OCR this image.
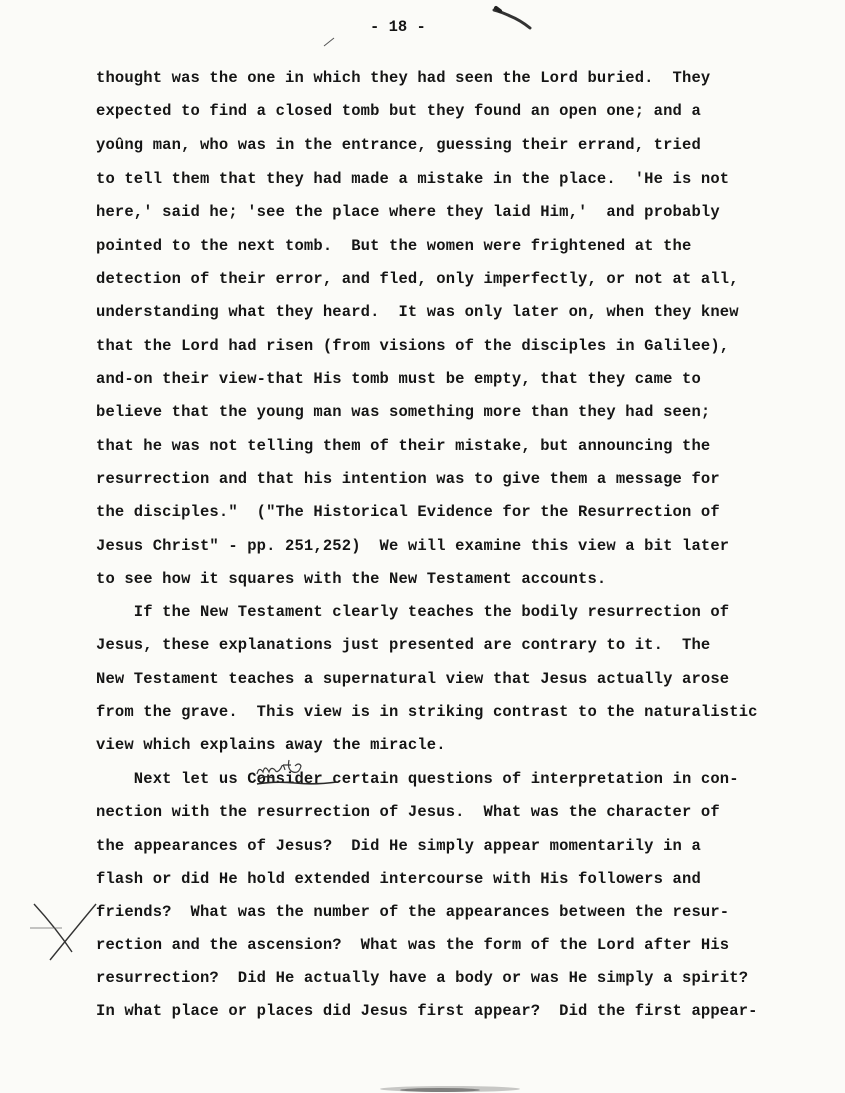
- 18 -
thought was the one in which they had seen the Lord buried.  They
expected to find a closed tomb but they found an open one; and a
yoûng man, who was in the entrance, guessing their errand, tried
to tell them that they had made a mistake in the place.  'He is not
here,' said he; 'see the place where they laid Him,'  and probably
pointed to the next tomb.  But the women were frightened at the
detection of their error, and fled, only imperfectly, or not at all,
understanding what they heard.  It was only later on, when they knew
that the Lord had risen (from visions of the disciples in Galilee),
and-on their view-that His tomb must be empty, that they came to
believe that the young man was something more than they had seen;
that he was not telling them of their mistake, but announcing the
resurrection and that his intention was to give them a message for
the disciples."  ("The Historical Evidence for the Resurrection of
Jesus Christ" - pp. 251,252)  We will examine this view a bit later
to see how it squares with the New Testament accounts.
If the New Testament clearly teaches the bodily resurrection of
Jesus, these explanations just presented are contrary to it.  The
New Testament teaches a supernatural view that Jesus actually arose
from the grave.  This view is in striking contrast to the naturalistic
view which explains away the miracle.
Next let us Consider certain questions of interpretation in con-
nection with the resurrection of Jesus.  What was the character of
the appearances of Jesus?  Did He simply appear momentarily in a
flash or did He hold extended intercourse with His followers and
friends?  What was the number of the appearances between the resur-
rection and the ascension?  What was the form of the Lord after His
resurrection?  Did He actually have a body or was He simply a spirit?
In what place or places did Jesus first appear?  Did the first appear-
note
